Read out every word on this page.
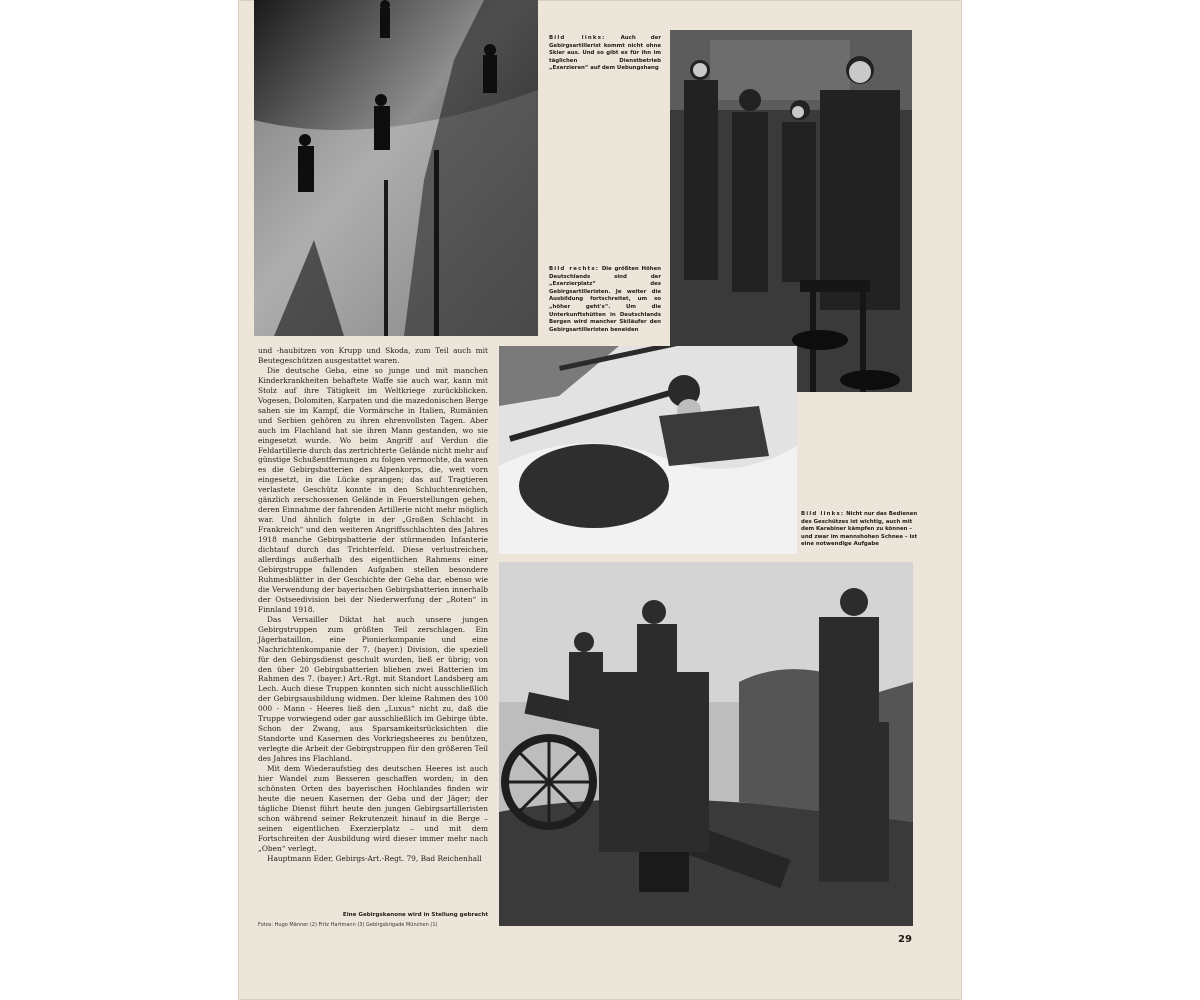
Bild links:	Auch der Gebirgsartillerist kommt nicht ohne Skier aus. Und so gibt es für ihn im täglichen Dienstbetrieb „Exerzieren“ auf dem Uebungshang
Bild rechts: Die größten Höhen Deutschlands sind der „Exerzierplatz“ des Gebirgsartilleristen. Je weiter die Ausbildung fortschreitet, um so „höher geht's“. Um die Unterkunftshütten in Deutschlands Bergen wird mancher Skiläufer den Gebirgsartilleristen beneiden

und -haubitzen von Krupp und Skoda, zum Teil auch mit Beutegeschützen ausgestattet waren.

Die deutsche Geba, eine so junge und mit manchen Kinderkrankheiten behaftete Waffe sie auch war, kann mit Stolz auf ihre Tätigkeit im Weltkriege zurückblicken. Vogesen, Dolomiten, Karpaten und die mazedonischen Berge sahen sie im Kampf, die Vormärsche in Italien, Rumänien und Serbien gehören zu ihren ehrenvollsten Tagen. Aber auch im Flachland hat sie ihren Mann gestanden, wo sie eingesetzt wurde. Wo beim Angriff auf Verdun die Feldartillerie durch das zertrichterte Gelände nicht mehr auf günstige Schußentfernungen zu folgen vermochte, da waren es die Gebirgsbatterien des Alpenkorps, die, weit vorn eingesetzt, in die Lücke sprangen; das auf Tragtieren verlastete Geschütz konnte in den Schluchtenreichen, gänzlich zerschossenen Gelände in Feuerstellungen gehen, deren Einnahme der fahrenden Artillerie nicht mehr möglich war. Und ähnlich folgte in der „Großen Schlacht in Frankreich“ und den weiteren Angriffsschlachten des Jahres 1918 manche Gebirgsbatterie der stürmenden Infanterie dichtauf durch das Trichterfeld. Diese verlustreichen, allerdings außerhalb des eigentlichen Rahmens einer Gebirgstruppe fallenden Aufgaben stellen besondere Ruhmesblätter in der Geschichte der Geba dar, ebenso wie die Verwendung der bayerischen Gebirgsbatterien innerhalb der Ostseedivision bei der Niederwerfung der „Roten“ in Finnland 1918.

Das Versailler Diktat hat auch unsere jungen Gebirgstruppen zum größten Teil zerschlagen. Ein Jägerbataillon, eine Pionierkompanie und eine Nachrichtenkompanie der 7. (bayer.) Division, die speziell für den Gebirgsdienst geschult wurden, ließ er übrig; von den über 20 Gebirgsbatterien blieben zwei Batterien im Rahmen des 7. (bayer.) Art.-Rgt. mit Standort Landsberg am Lech. Auch diese Truppen konnten sich nicht ausschließlich der Gebirgsausbildung widmen. Der kleine Rahmen des 100 000 - Mann - Heeres ließ den „Luxus“ nicht zu, daß die Truppe vorwiegend oder gar ausschließlich im Gebirge übte. Schon der Zwang, aus Sparsamkeitsrücksichten die Standorte und Kasernen des Vorkriegsheeres zu benützen, verlegte die Arbeit der Gebirgstruppen für den größeren Teil des Jahres ins Flachland.

Mit dem Wiederaufstieg des deutschen Heeres ist auch hier Wandel zum Besseren geschaffen worden; in den schönsten Orten des bayerischen Hochlandes finden wir heute die neuen Kasernen der Geba und der Jäger; der tägliche Dienst führt heute den jungen Gebirgsartilleristen schon während seiner Rekrutenzeit hinauf in die Berge – seinen eigentlichen Exerzierplatz – und mit dem Fortschreiten der Ausbildung wird dieser immer mehr nach „Oben“ verlegt.

Hauptmann Eder, Gebirgs-Art.-Regt. 79, Bad Reichenhall

Bild links: Nicht nur das Bedienen des Geschützes ist wichtig, auch mit dem Karabiner kämpfen zu können – und zwar im mannshohen Schnee – ist eine notwendige Aufgabe
Eine Gebirgskanone wird in Stellung gebracht
Fotos: Hugo Männer (2) Fritz Hartmann (3) Gebirgsbrigade München (1)
29
